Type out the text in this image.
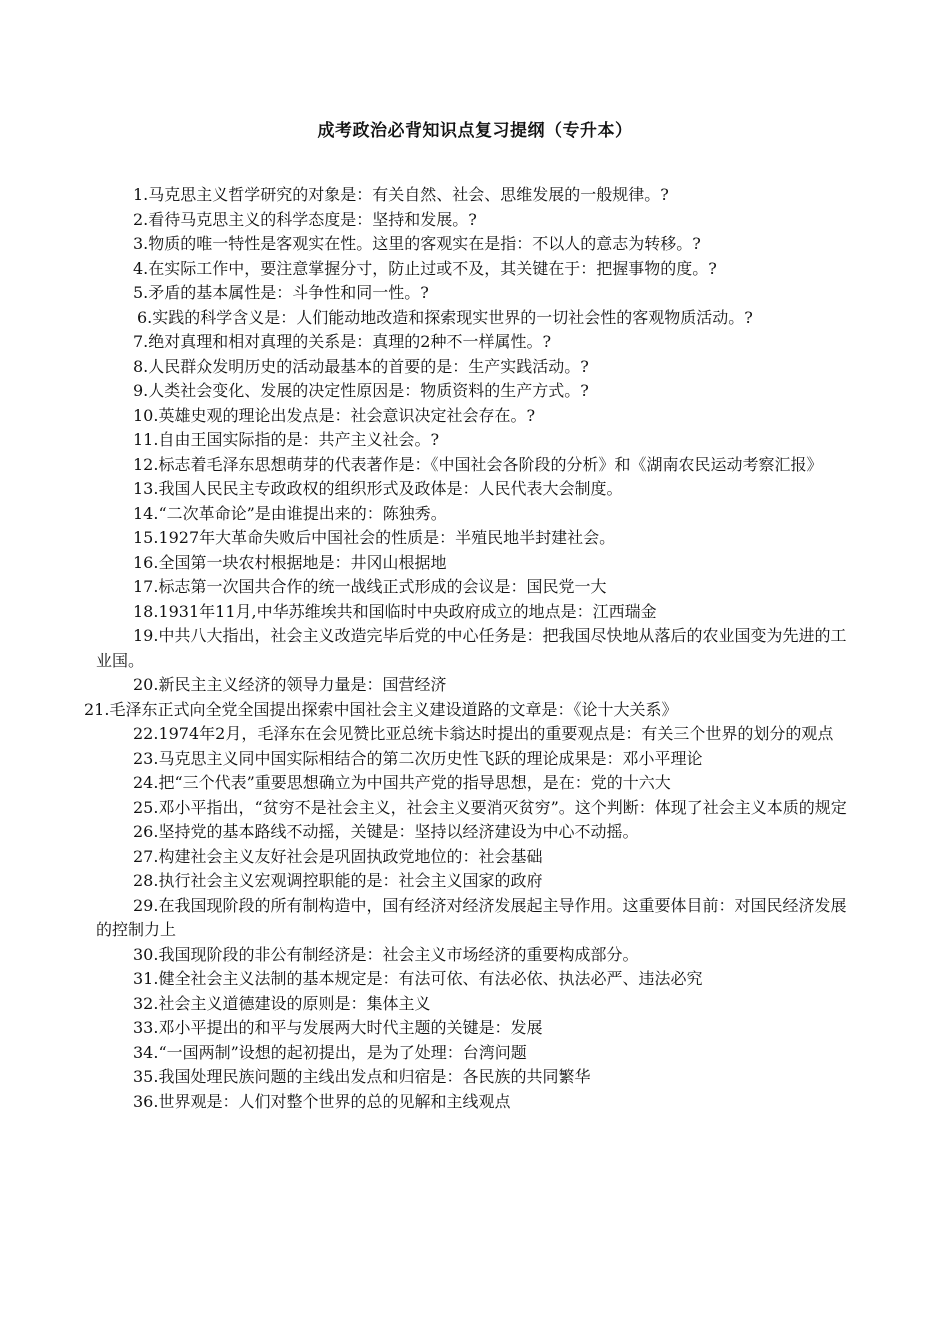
成考政治必背知识点复习提纲（专升本）
1.马克思主义哲学研究的对象是：有关自然、社会、思维发展的一般规律。?
2.看待马克思主义的科学态度是：坚持和发展。?
3.物质的唯一特性是客观实在性。这里的客观实在是指：不以人的意志为转移。?
4.在实际工作中，要注意掌握分寸，防止过或不及，其关键在于：把握事物的度。?
5.矛盾的基本属性是：斗争性和同一性。?
6.实践的科学含义是：人们能动地改造和探索现实世界的一切社会性的客观物质活动。?
7.绝对真理和相对真理的关系是：真理的2种不一样属性。?
8.人民群众发明历史的活动最基本的首要的是：生产实践活动。?
9.人类社会变化、发展的决定性原因是：物质资料的生产方式。?
10.英雄史观的理论出发点是：社会意识决定社会存在。?
11.自由王国实际指的是：共产主义社会。?
12.标志着毛泽东思想萌芽的代表著作是：《中国社会各阶段的分析》和《湖南农民运动考察汇报》
13.我国人民民主专政政权的组织形式及政体是：人民代表大会制度。
14.“二次革命论”是由谁提出来的：陈独秀。
15.1927年大革命失败后中国社会的性质是：半殖民地半封建社会。
16.全国第一块农村根据地是：井冈山根据地
17.标志第一次国共合作的统一战线正式形成的会议是：国民党一大
18.1931年11月,中华苏维埃共和国临时中央政府成立的地点是：江西瑞金
19.中共八大指出，社会主义改造完毕后党的中心任务是：把我国尽快地从落后的农业国变为先进的工业国。
20.新民主主义经济的领导力量是：国营经济
21.毛泽东正式向全党全国提出探索中国社会主义建设道路的文章是：《论十大关系》
22.1974年2月，毛泽东在会见赞比亚总统卡翁达时提出的重要观点是：有关三个世界的划分的观点
23.马克思主义同中国实际相结合的第二次历史性飞跃的理论成果是：邓小平理论
24.把“三个代表”重要思想确立为中国共产党的指导思想，是在：党的十六大
25.邓小平指出，“贫穷不是社会主义，社会主义要消灭贫穷”。这个判断：体现了社会主义本质的规定
26.坚持党的基本路线不动摇，关键是：坚持以经济建设为中心不动摇。
27.构建社会主义友好社会是巩固执政党地位的：社会基础
28.执行社会主义宏观调控职能的是：社会主义国家的政府
29.在我国现阶段的所有制构造中，国有经济对经济发展起主导作用。这重要体目前：对国民经济发展的控制力上
30.我国现阶段的非公有制经济是：社会主义市场经济的重要构成部分。
31.健全社会主义法制的基本规定是：有法可依、有法必依、执法必严、违法必究
32.社会主义道德建设的原则是：集体主义
33.邓小平提出的和平与发展两大时代主题的关键是：发展
34.“一国两制”设想的起初提出，是为了处理：台湾问题
35.我国处理民族问题的主线出发点和归宿是：各民族的共同繁华
36.世界观是：人们对整个世界的总的见解和主线观点
